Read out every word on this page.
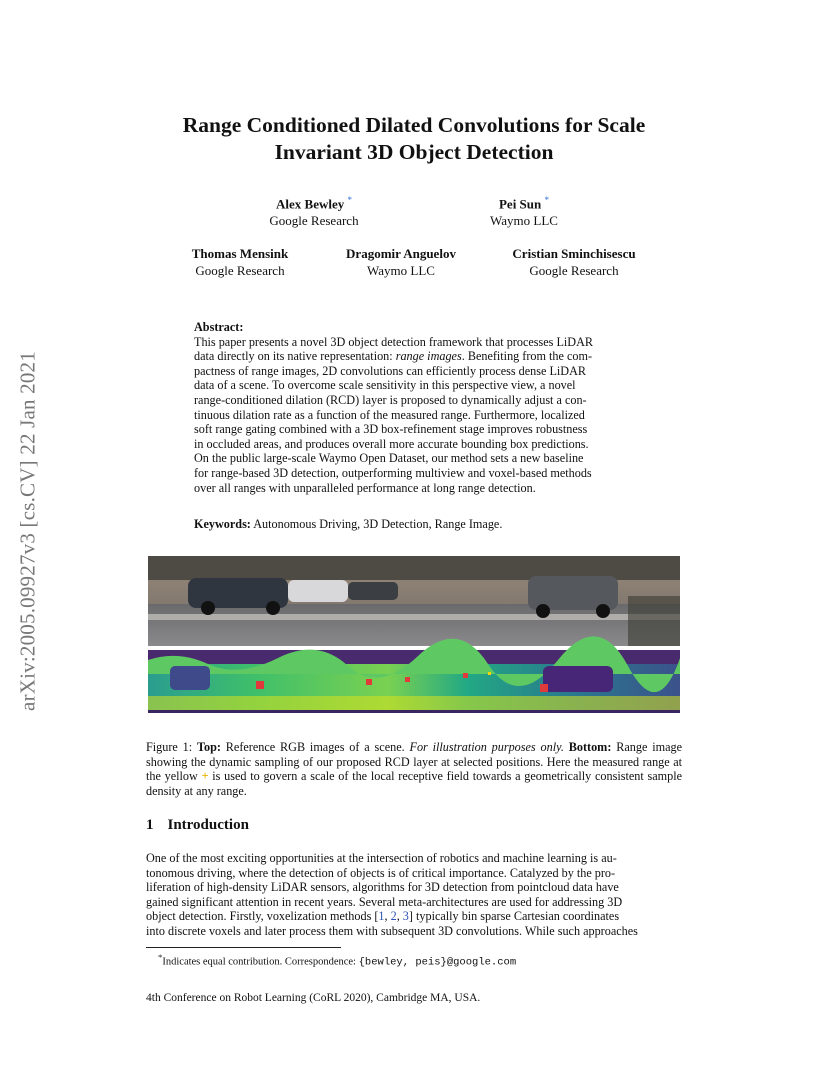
arXiv:2005.09927v3 [cs.CV] 22 Jan 2021
Range Conditioned Dilated Convolutions for Scale
Invariant 3D Object Detection
Alex Bewley *
Google Research
Pei Sun *
Waymo LLC
Thomas Mensink
Google Research
Dragomir Anguelov
Waymo LLC
Cristian Sminchisescu
Google Research
Abstract:
This paper presents a novel 3D object detection framework that processes LiDAR
data directly on its native representation: range images. Benefiting from the com-
pactness of range images, 2D convolutions can efficiently process dense LiDAR
data of a scene. To overcome scale sensitivity in this perspective view, a novel
range-conditioned dilation (RCD) layer is proposed to dynamically adjust a con-
tinuous dilation rate as a function of the measured range. Furthermore, localized
soft range gating combined with a 3D box-refinement stage improves robustness
in occluded areas, and produces overall more accurate bounding box predictions.
On the public large-scale Waymo Open Dataset, our method sets a new baseline
for range-based 3D detection, outperforming multiview and voxel-based methods
over all ranges with unparalleled performance at long range detection.
Keywords: Autonomous Driving, 3D Detection, Range Image.
Figure 1: Top: Reference RGB images of a scene. For illustration purposes only. Bottom: Range image showing the dynamic sampling of our proposed RCD layer at selected positions. Here the measured range at the yellow + is used to govern a scale of the local receptive field towards a geometrically consistent sample density at any range.
1 Introduction
One of the most exciting opportunities at the intersection of robotics and machine learning is au-
tonomous driving, where the detection of objects is of critical importance. Catalyzed by the pro-
liferation of high-density LiDAR sensors, algorithms for 3D detection from pointcloud data have
gained significant attention in recent years. Several meta-architectures are used for addressing 3D
object detection. Firstly, voxelization methods [1, 2, 3] typically bin sparse Cartesian coordinates
into discrete voxels and later process them with subsequent 3D convolutions. While such approaches
*Indicates equal contribution. Correspondence: {bewley, peis}@google.com
4th Conference on Robot Learning (CoRL 2020), Cambridge MA, USA.
